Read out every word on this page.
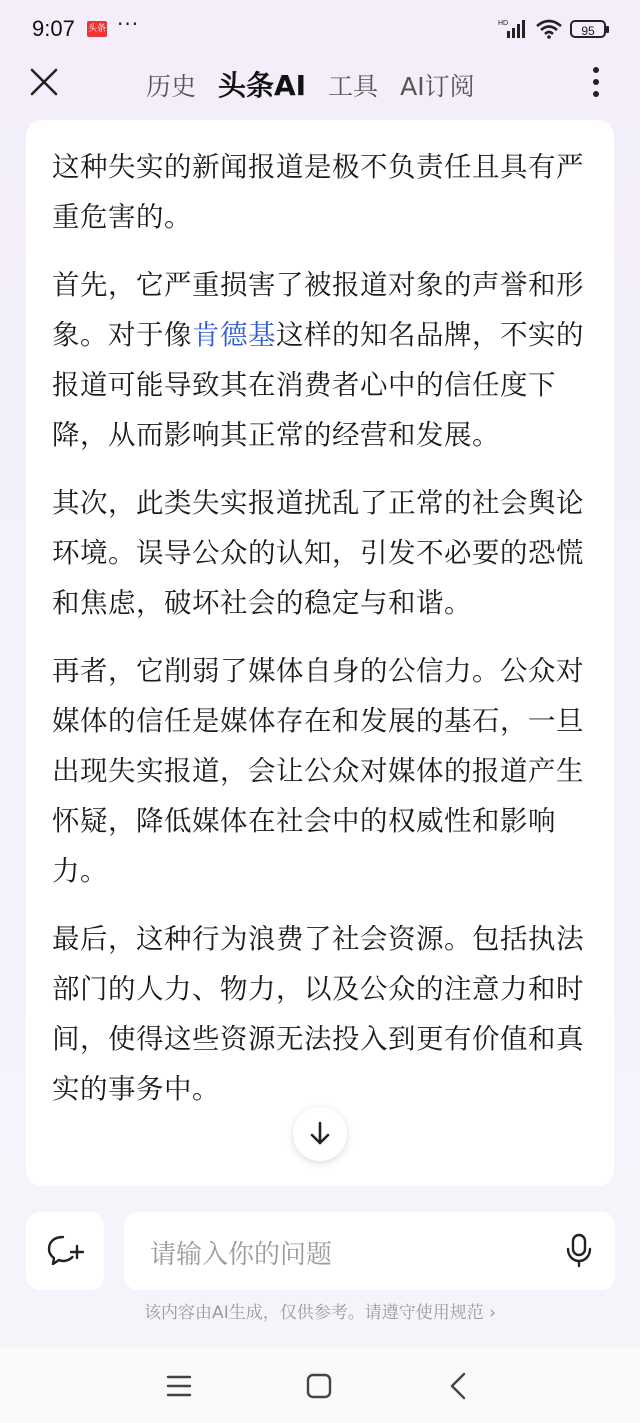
9:07 头条 ···	HD
95
历史 头条AI 工具 AI订阅

这种失实的新闻报道是极不负责任且具有严重危害的。

首先，它严重损害了被报道对象的声誉和形象。对于像肯德基这样的知名品牌，不实的报道可能导致其在消费者心中的信任度下降，从而影响其正常的经营和发展。

其次，此类失实报道扰乱了正常的社会舆论环境。误导公众的认知，引发不必要的恐慌和焦虑，破坏社会的稳定与和谐。

再者，它削弱了媒体自身的公信力。公众对媒体的信任是媒体存在和发展的基石，一旦出现失实报道，会让公众对媒体的报道产生怀疑，降低媒体在社会中的权威性和影响力。

最后，这种行为浪费了社会资源。包括执法部门的人力、物力，以及公众的注意力和时间，使得这些资源无法投入到更有价值和真实的事务中。

请输入你的问题
该内容由AI生成，仅供参考。请遵守使用规范 ›
